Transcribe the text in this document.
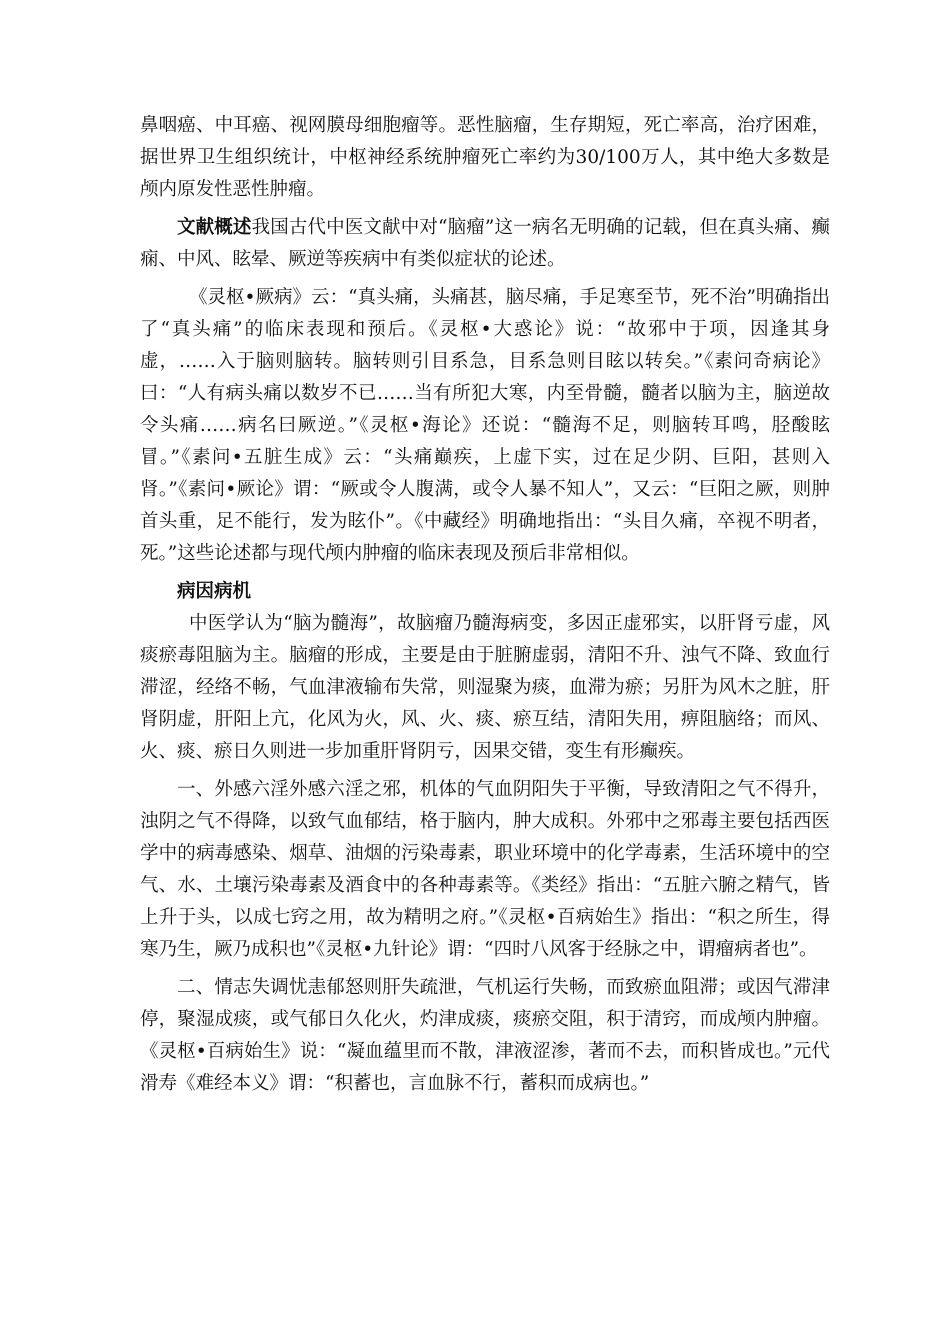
鼻咽癌、中耳癌、视网膜母细胞瘤等。恶性脑瘤，生存期短，死亡率高，治疗困难，据世界卫生组织统计，中枢神经系统肿瘤死亡率约为30/100万人，其中绝大多数是颅内原发性恶性肿瘤。

文献概述我国古代中医文献中对“脑瘤”这一病名无明确的记载，但在真头痛、癫痫、中风、眩晕、厥逆等疾病中有类似症状的论述。

《灵枢•厥病》云：“真头痛，头痛甚，脑尽痛，手足寒至节，死不治”明确指出了“真头痛”的临床表现和预后。《灵枢•大惑论》说：“故邪中于项，因逢其身虚，……入于脑则脑转。脑转则引目系急，目系急则目眩以转矣。”《素问奇病论》曰：“人有病头痛以数岁不已……当有所犯大寒，内至骨髓，髓者以脑为主，脑逆故令头痛……病名曰厥逆。”《灵枢•海论》还说：“髓海不足，则脑转耳鸣，胫酸眩冒。”《素问•五脏生成》云：“头痛巅疾，上虚下实，过在足少阴、巨阳，甚则入肾。”《素问•厥论》谓：“厥或令人腹满，或令人暴不知人”，又云：“巨阳之厥，则肿首头重，足不能行，发为眩仆”。《中藏经》明确地指出：“头目久痛，卒视不明者，死。”这些论述都与现代颅内肿瘤的临床表现及预后非常相似。

病因病机

中医学认为“脑为髓海”，故脑瘤乃髓海病变，多因正虚邪实，以肝肾亏虚，风痰瘀毒阻脑为主。脑瘤的形成，主要是由于脏腑虚弱，清阳不升、浊气不降、致血行滞涩，经络不畅，气血津液输布失常，则湿聚为痰，血滞为瘀；另肝为风木之脏，肝肾阴虚，肝阳上亢，化风为火，风、火、痰、瘀互结，清阳失用，痹阻脑络；而风、火、痰、瘀日久则进一步加重肝肾阴亏，因果交错，变生有形癫疾。

一、外感六淫外感六淫之邪，机体的气血阴阳失于平衡，导致清阳之气不得升，浊阴之气不得降，以致气血郁结，格于脑内，肿大成积。外邪中之邪毒主要包括西医学中的病毒感染、烟草、油烟的污染毒素，职业环境中的化学毒素，生活环境中的空气、水、土壤污染毒素及酒食中的各种毒素等。《类经》指出：“五脏六腑之精气，皆上升于头，以成七窍之用，故为精明之府。”《灵枢•百病始生》指出：“积之所生，得寒乃生，厥乃成积也”《灵枢•九针论》谓：“四时八风客于经脉之中，谓瘤病者也”。

二、情志失调忧恚郁怒则肝失疏泄，气机运行失畅，而致瘀血阻滞；或因气滞津停，聚湿成痰，或气郁日久化火，灼津成痰，痰瘀交阻，积于清窍，而成颅内肿瘤。《灵枢•百病始生》说：“凝血蕴里而不散，津液涩渗，著而不去，而积皆成也。”元代滑寿《难经本义》谓：“积蓄也，言血脉不行，蓄积而成病也。”
